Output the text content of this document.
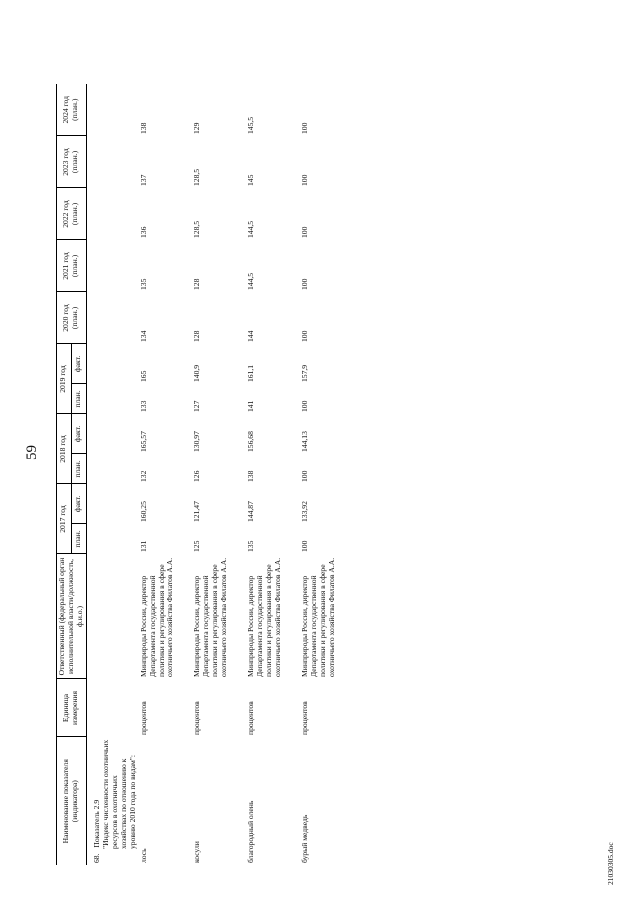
59
Наименование показателя (индикатора)	Единица измерения	Ответственный (федеральный орган исполнительной власти/должность, ф.и.о.)	2017 год		2018 год		2019 год		2020 год (план.)	2021 год (план.)	2022 год (план.)	2023 год (план.)	2024 год (план.)
			план.	факт.	план.	факт.	план.	факт.					
68. Показатель 2.9 "Индекс численности охотничьих ресурсов в охотничьих хозяйствах по отношению к уровню 2010 года по видам":													

лось	процентов	Минприроды России, директор Департамента государственной политики и регулирования в сфере охотничьего хозяйства Филатов А.А.	131	160,25	132	165,57	133	165	134	135	136	137	138

косули	процентов	Минприроды России, директор Департамента государственной политики и регулирования в сфере охотничьего хозяйства Филатов А.А.	125	121,47	126	130,97	127	140,9	128	128	128,5	128,5	129

благородный олень	процентов	Минприроды России, директор Департамента государственной политики и регулирования в сфере охотничьего хозяйства Филатов А.А.	135	144,87	138	156,68	141	161,1	144	144,5	144,5	145	145,5

бурый медведь	процентов	Минприроды России, директор Департамента государственной политики и регулирования в сфере охотничьего хозяйства Филатов А.А.	100	133,92	100	144,13	100	157,9	100	100	100	100	100
21030305.doc
